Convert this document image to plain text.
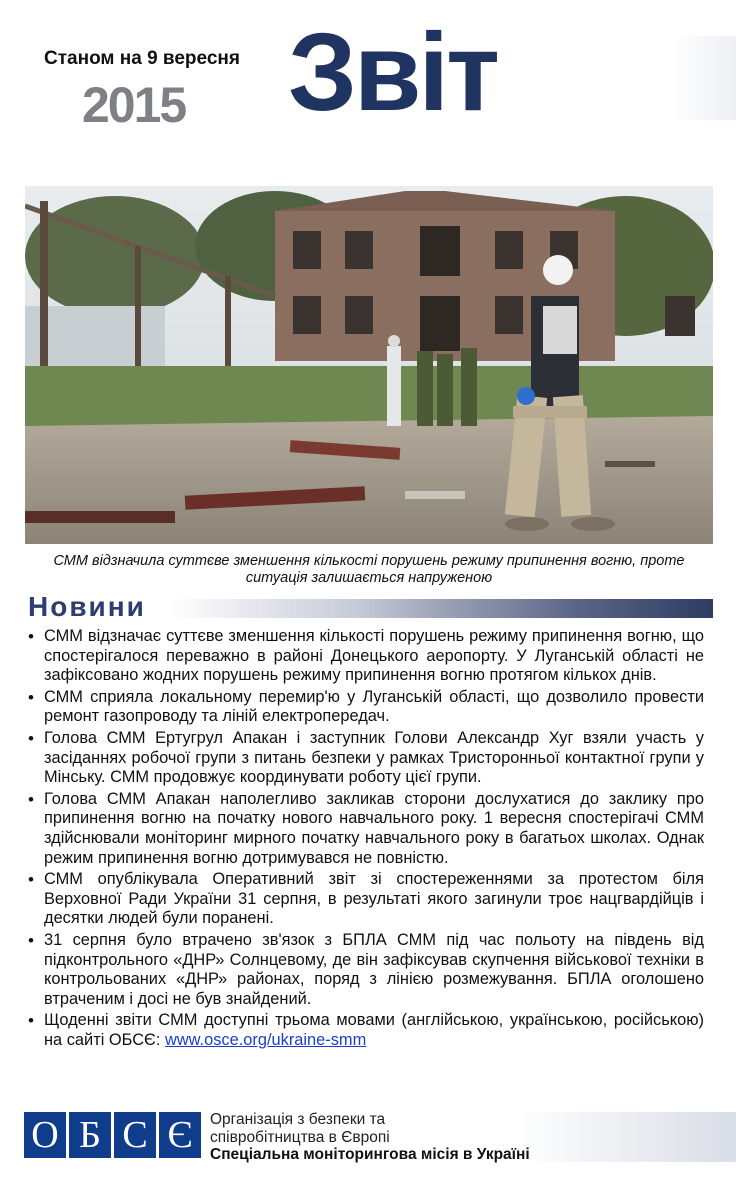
Станом на 9 вересня
2015 Звіт
СММ відзначила суттєве зменшення кількості порушень режиму припинення вогню, проте ситуація залишається напруженою
Новини
• СММ відзначає суттєве зменшення кількості порушень режиму припинення вогню, що спостерігалося переважно в районі Донецького аеропорту. У Луганській області не зафіксовано жодних порушень режиму припинення вогню протягом кількох днів.
• СММ сприяла локальному перемир'ю у Луганській області, що дозволило провести ремонт газопроводу та ліній електропередач.
• Голова СММ Ертугрул Апакан і заступник Голови Александр Хуг взяли участь у засіданнях робочої групи з питань безпеки у рамках Тристоронньої контактної групи у Мінську. СММ продовжує координувати роботу цієї групи.
• Голова СММ Апакан наполегливо закликав сторони дослухатися до заклику про припинення вогню на початку нового навчального року. 1 вересня спостерігачі СММ здійснювали моніторинг мирного початку навчального року в багатьох школах. Однак режим припинення вогню дотримувався не повністю.
• СММ опублікувала Оперативний звіт зі спостереженнями за протестом біля Верховної Ради України 31 серпня, в результаті якого загинули троє нацгвардійців і десятки людей були поранені.
• 31 серпня було втрачено зв'язок з БПЛА СММ під час польоту на південь від підконтрольного «ДНР» Солнцевому, де він зафіксував скупчення військової техніки в контрольованих «ДНР» районах, поряд з лінією розмежування. БПЛА оголошено втраченим і досі не був знайдений.
• Щоденні звіти СММ доступні трьома мовами (англійською, українською, російською) на сайті ОБСЄ: www.osce.org/ukraine-smm
О Б С Є	Організація з безпеки та
співробітництва в Європі
Спеціальна моніторингова місія в Україні
